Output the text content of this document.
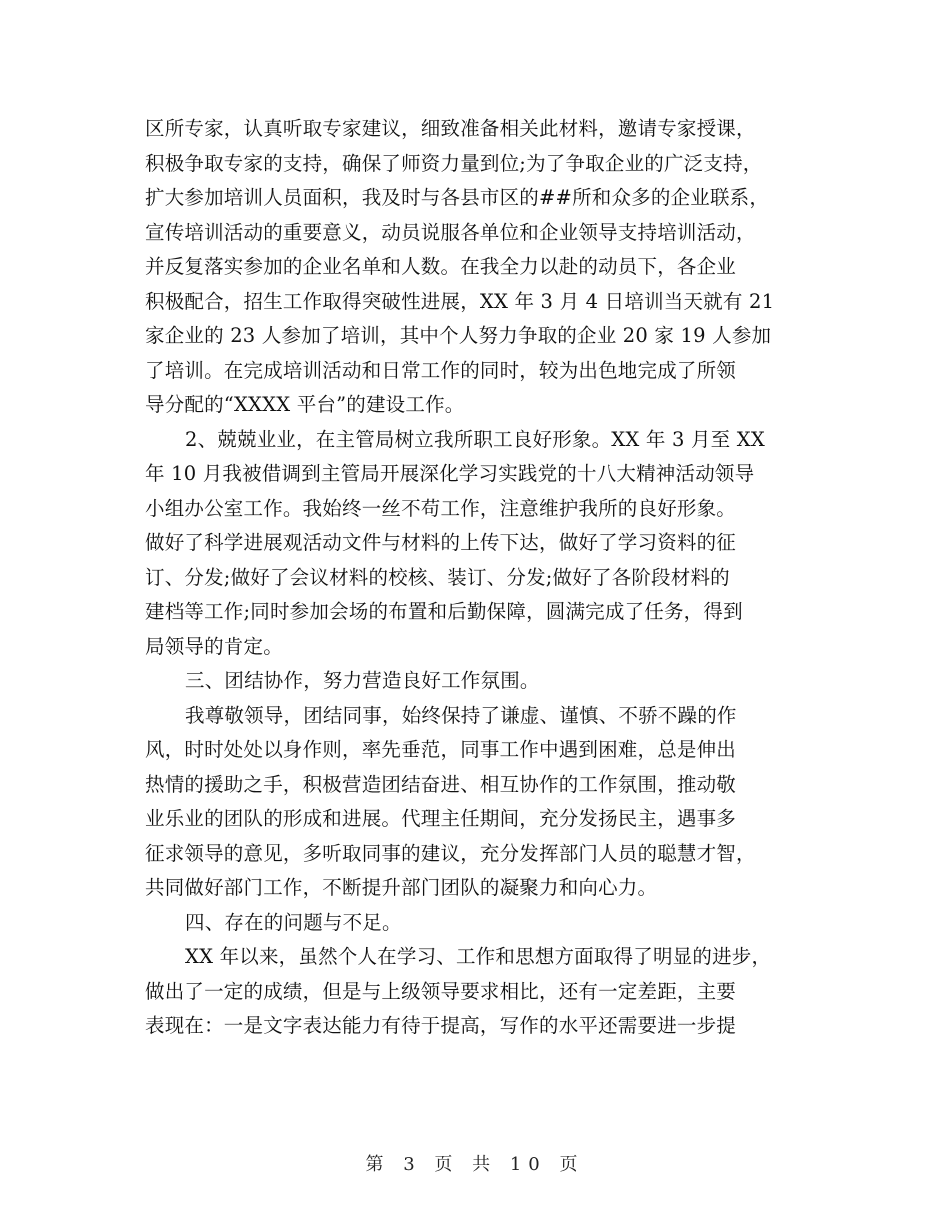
区所专家，认真听取专家建议，细致准备相关此材料，邀请专家授课，
积极争取专家的支持，确保了师资力量到位;为了争取企业的广泛支持，
扩大参加培训人员面积，我及时与各县市区的##所和众多的企业联系，
宣传培训活动的重要意义，动员说服各单位和企业领导支持培训活动，
并反复落实参加的企业名单和人数。在我全力以赴的动员下，各企业
积极配合，招生工作取得突破性进展，XX 年 3 月 4 日培训当天就有 21
家企业的 23 人参加了培训，其中个人努力争取的企业 20 家 19 人参加
了培训。在完成培训活动和日常工作的同时，较为出色地完成了所领
导分配的“XXXX 平台”的建设工作。
2、兢兢业业，在主管局树立我所职工良好形象。XX 年 3 月至 XX
年 10 月我被借调到主管局开展深化学习实践党的十八大精神活动领导
小组办公室工作。我始终一丝不苟工作，注意维护我所的良好形象。
做好了科学进展观活动文件与材料的上传下达，做好了学习资料的征
订、分发;做好了会议材料的校核、装订、分发;做好了各阶段材料的
建档等工作;同时参加会场的布置和后勤保障，圆满完成了任务，得到
局领导的肯定。
三、团结协作，努力营造良好工作氛围。
我尊敬领导，团结同事，始终保持了谦虚、谨慎、不骄不躁的作
风，时时处处以身作则，率先垂范，同事工作中遇到困难，总是伸出
热情的援助之手，积极营造团结奋进、相互协作的工作氛围，推动敬
业乐业的团队的形成和进展。代理主任期间，充分发扬民主，遇事多
征求领导的意见，多听取同事的建议，充分发挥部门人员的聪慧才智，
共同做好部门工作，不断提升部门团队的凝聚力和向心力。
四、存在的问题与不足。
XX 年以来，虽然个人在学习、工作和思想方面取得了明显的进步，
做出了一定的成绩，但是与上级领导要求相比，还有一定差距，主要
表现在：一是文字表达能力有待于提高，写作的水平还需要进一步提
第 3 页 共 10 页
